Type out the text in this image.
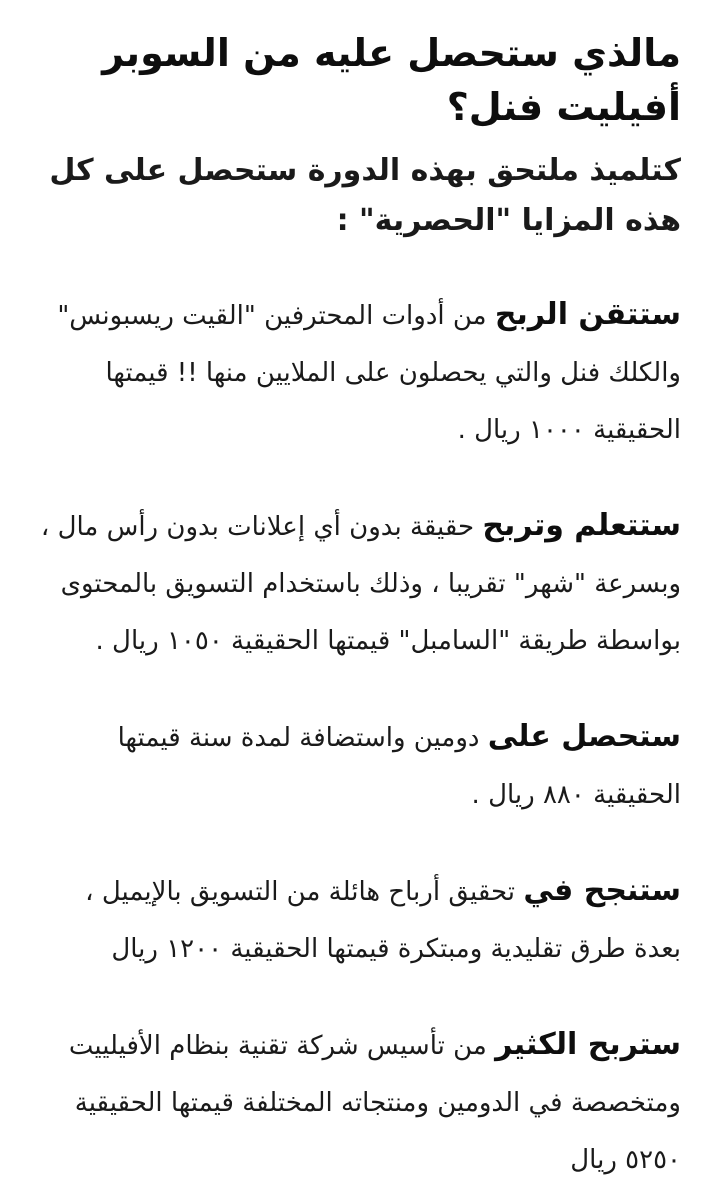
مالذي ستحصل عليه من السوبر أفيليت فنل؟

كتلميذ ملتحق بهذه الدورة ستحصل على كل هذه المزايا "الحصرية" :

ستتقن الربح من أدوات المحترفين "القيت ريسبونس" والكلك فنل والتي يحصلون على الملايين منها !! قيمتها الحقيقية ١٠٠٠ ريال .

ستتعلم وتربح حقيقة بدون أي إعلانات بدون رأس مال ، وبسرعة "شهر" تقريبا ، وذلك باستخدام التسويق بالمحتوى بواسطة طريقة "السامبل" قيمتها الحقيقية ١٠٥٠ ريال .

ستحصل على دومين واستضافة لمدة سنة قيمتها الحقيقية ٨٨٠ ريال .

ستنجح في تحقيق أرباح هائلة من التسويق بالإيميل ، بعدة طرق تقليدية ومبتكرة قيمتها الحقيقية ١٢٠٠ ريال

ستربح الكثير من تأسيس شركة تقنية بنظام الأفيلييت ومتخصصة في الدومين ومنتجاته المختلفة قيمتها الحقيقية ٥٢٥٠ ريال
